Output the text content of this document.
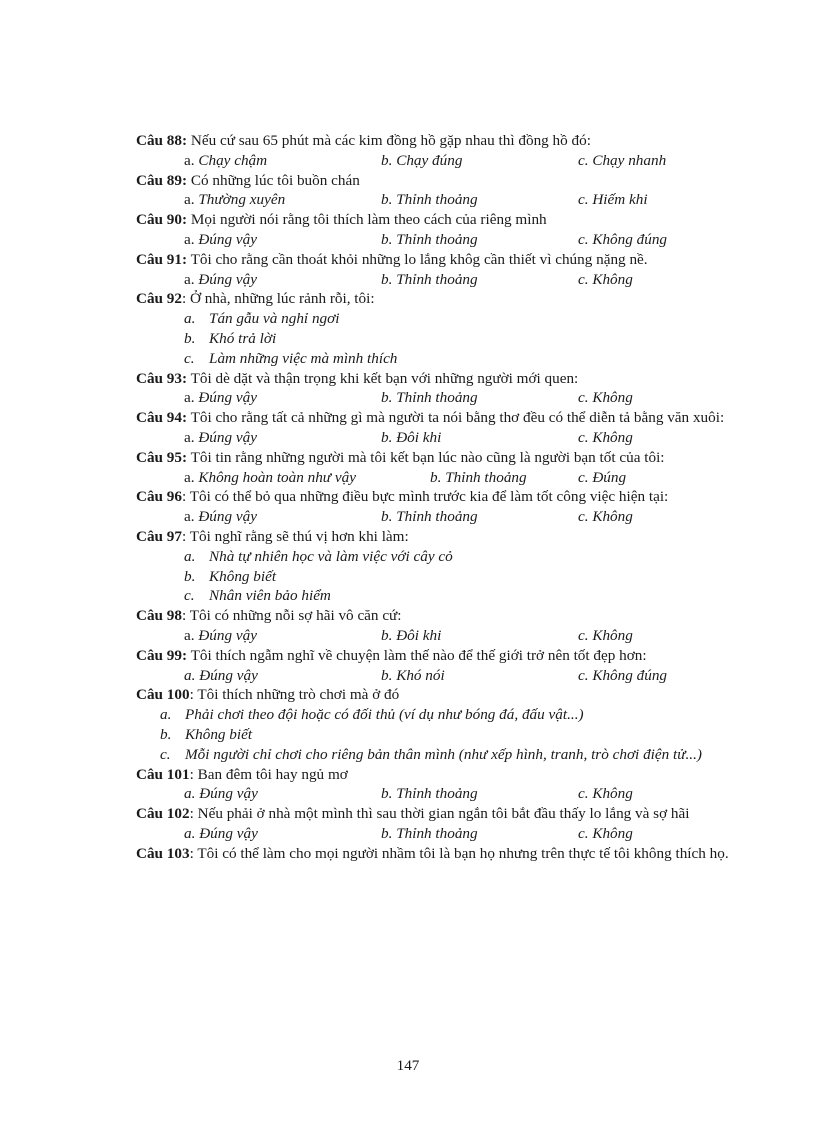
Câu 88: Nếu cứ sau 65 phút mà các kim đồng hồ gặp nhau thì đồng hồ đó:
a. Chạy chậm	b. Chạy đúng	c. Chạy nhanh
Câu 89: Có những lúc tôi buồn chán
a. Thường xuyên	b. Thỉnh thoảng	c. Hiếm khi
Câu 90: Mọi người nói rằng tôi thích làm theo cách của riêng mình
a. Đúng vậy	b. Thỉnh thoảng	c. Không đúng
Câu 91: Tôi cho rằng cần thoát khỏi những lo lắng khôg cần thiết vì chúng nặng nề.
a. Đúng vậy	b. Thỉnh thoảng	c. Không
Câu 92: Ở nhà, những lúc rảnh rỗi, tôi:
a. Tán gẫu và nghỉ ngơi
b. Khó trả lời
c. Làm những việc mà mình thích
Câu 93: Tôi dè dặt và thận trọng khi kết bạn với những người mới quen:
a. Đúng vậy	b. Thỉnh thoảng	c. Không
Câu 94: Tôi cho rằng tất cả những gì mà người ta nói bằng thơ đều có thể diễn tả bằng văn xuôi:
a. Đúng vậy	b. Đôi khi	c. Không
Câu 95: Tôi tin rằng những người mà tôi kết bạn lúc nào cũng là người bạn tốt của tôi:
a. Không hoàn toàn như vậy	b. Thỉnh thoảng	c. Đúng
Câu 96: Tôi có thể bỏ qua những điều bực mình trước kia để làm tốt công việc hiện tại:
a. Đúng vậy	b. Thỉnh thoảng	c. Không
Câu 97: Tôi nghĩ rằng sẽ thú vị hơn khi làm:
a. Nhà tự nhiên học và làm việc với cây cỏ
b. Không biết
c. Nhân viên bảo hiểm
Câu 98: Tôi có những nỗi sợ hãi vô căn cứ:
a. Đúng vậy	b. Đôi khi	c. Không
Câu 99: Tôi thích ngẫm nghĩ về chuyện làm thế nào để thế giới trở nên tốt đẹp hơn:
a. Đúng vậy	b. Khó nói	c. Không đúng
Câu 100: Tôi thích những trò chơi mà ở đó
a. Phải chơi theo đội hoặc có đối thủ (ví dụ như bóng đá, đấu vật...)
b. Không biết
c. Mỗi người chỉ chơi cho riêng bản thân mình (như xếp hình, tranh, trò chơi điện tử...)
Câu 101: Ban đêm tôi hay ngủ mơ
a. Đúng vậy	b. Thỉnh thoảng	c. Không
Câu 102: Nếu phải ở nhà một mình thì sau thời gian ngắn tôi bắt đầu thấy lo lắng và sợ hãi
a. Đúng vậy	b. Thỉnh thoảng	c. Không
Câu 103: Tôi có thể làm cho mọi người nhầm tôi là bạn họ nhưng trên thực tế tôi không thích họ.
147
